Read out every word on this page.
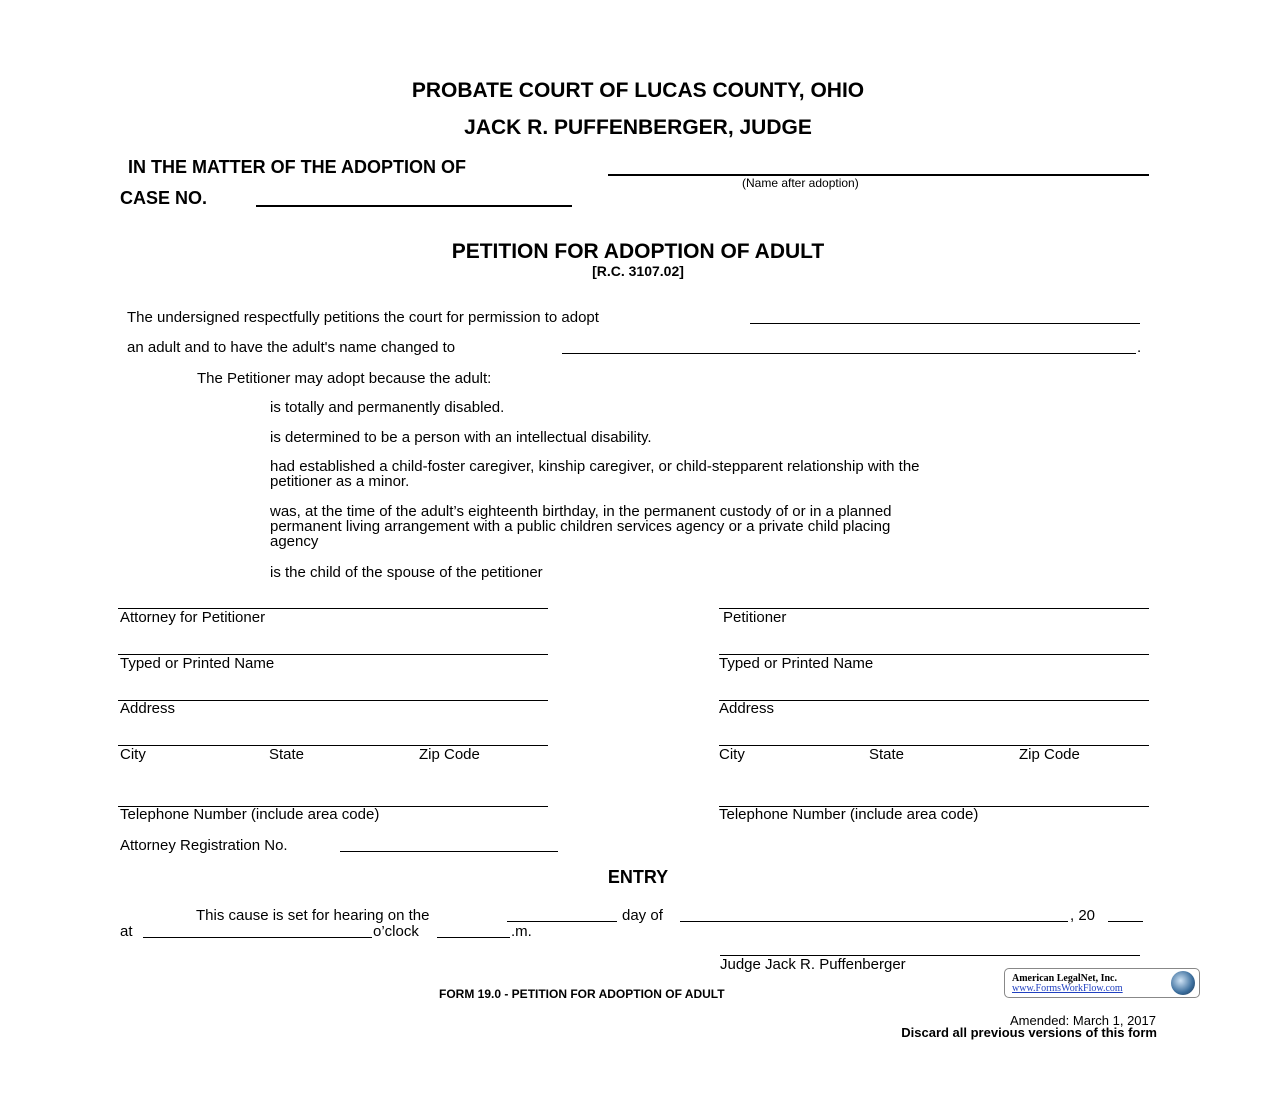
PROBATE COURT OF LUCAS COUNTY, OHIO
JACK R. PUFFENBERGER, JUDGE
IN THE MATTER OF THE ADOPTION OF
(Name after adoption)
CASE NO.
PETITION FOR ADOPTION OF ADULT
[R.C. 3107.02]
The undersigned respectfully petitions the court for permission to adopt
an adult and to have the adult's name changed to	.
The Petitioner may adopt because the adult:
is totally and permanently disabled.
is determined to be a person with an intellectual disability.
had established a child-foster caregiver, kinship caregiver, or child-stepparent relationship with the
petitioner as a minor.
was, at the time of the adult’s eighteenth birthday, in the permanent custody of or in a planned
permanent living arrangement with a public children services agency or a private child placing
agency
is the child of the spouse of the petitioner
Attorney for Petitioner
Typed or Printed Name
Address
City	State	Zip Code
Telephone Number (include area code)
Attorney Registration No.
Petitioner
Typed or Printed Name
Address
City	State	Zip Code
Telephone Number (include area code)
ENTRY
This cause is set for hearing on the	day of	, 20
at	o’clock	.m.
Judge Jack R. Puffenberger
FORM 19.0 - PETITION FOR ADOPTION OF ADULT
American LegalNet, Inc.
www.FormsWorkFlow.com
Amended: March 1, 2017
Discard all previous versions of this form
